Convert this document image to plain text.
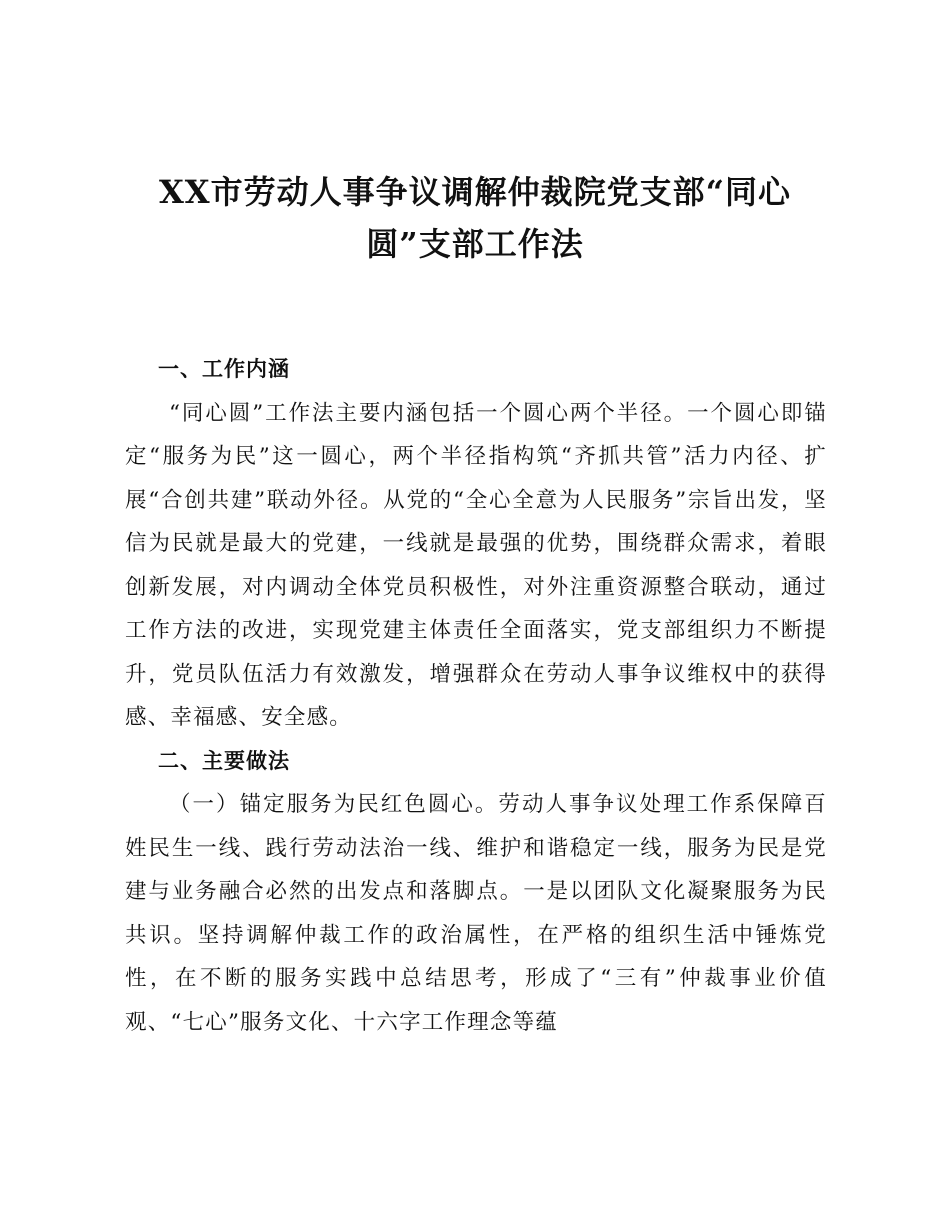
XX市劳动人事争议调解仲裁院党支部“同心圆”支部工作法
一、工作内涵

“同心圆”工作法主要内涵包括一个圆心两个半径。一个圆心即锚定“服务为民”这一圆心，两个半径指构筑“齐抓共管”活力内径、扩展“合创共建”联动外径。从党的“全心全意为人民服务”宗旨出发，坚信为民就是最大的党建，一线就是最强的优势，围绕群众需求，着眼创新发展，对内调动全体党员积极性，对外注重资源整合联动，通过工作方法的改进，实现党建主体责任全面落实，党支部组织力不断提升，党员队伍活力有效激发，增强群众在劳动人事争议维权中的获得感、幸福感、安全感。

二、主要做法

（一）锚定服务为民红色圆心。劳动人事争议处理工作系保障百姓民生一线、践行劳动法治一线、维护和谐稳定一线，服务为民是党建与业务融合必然的出发点和落脚点。一是以团队文化凝聚服务为民共识。坚持调解仲裁工作的政治属性，在严格的组织生活中锤炼党性，在不断的服务实践中总结思考，形成了“三有”仲裁事业价值观、“七心”服务文化、十六字工作理念等蕴
